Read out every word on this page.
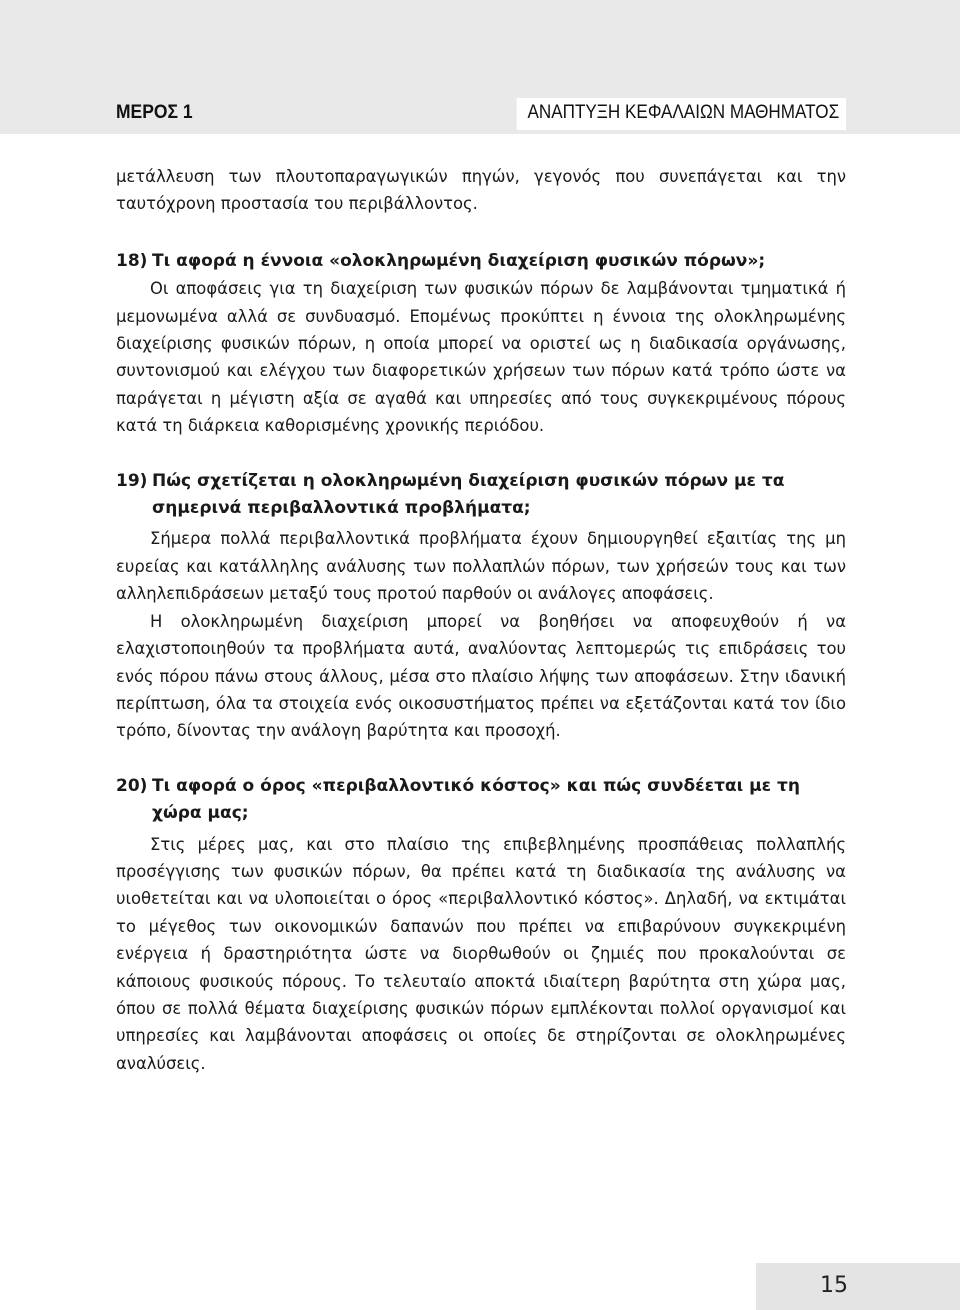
ΜΕΡΟΣ 1	ΑΝΑΠΤΥΞΗ ΚΕΦΑΛΑΙΩΝ ΜΑΘΗΜΑΤΟΣ

μετάλλευση των πλουτοπαραγωγικών πηγών, γεγονός που συνεπάγεται και την ταυτόχρονη προστασία του περιβάλλοντος.

18) Τι αφορά η έννοια «ολοκληρωμένη διαχείριση φυσικών πόρων»;

Οι αποφάσεις για τη διαχείριση των φυσικών πόρων δε λαμβάνονται τμηματικά ή μεμονωμένα αλλά σε συνδυασμό. Επομένως προκύπτει η έννοια της ολοκληρωμένης διαχείρισης φυσικών πόρων, η οποία μπορεί να οριστεί ως η διαδικασία οργάνωσης, συντονισμού και ελέγχου των διαφορετικών χρήσεων των πόρων κατά τρόπο ώστε να παράγεται η μέγιστη αξία σε αγαθά και υπηρεσίες από τους συγκεκριμένους πόρους κατά τη διάρκεια καθορισμένης χρονικής περιόδου.

19) Πώς σχετίζεται η ολοκληρωμένη διαχείριση φυσικών πόρων με τα σημερινά περιβαλλοντικά προβλήματα;

Σήμερα πολλά περιβαλλοντικά προβλήματα έχουν δημιουργηθεί εξαιτίας της μη ευρείας και κατάλληλης ανάλυσης των πολλαπλών πόρων, των χρήσεών τους και των αλληλεπιδράσεων μεταξύ τους προτού παρθούν οι ανάλογες αποφάσεις.

Η ολοκληρωμένη διαχείριση μπορεί να βοηθήσει να αποφευχθούν ή να ελαχιστοποιηθούν τα προβλήματα αυτά, αναλύοντας λεπτομερώς τις επιδράσεις του ενός πόρου πάνω στους άλλους, μέσα στο πλαίσιο λήψης των αποφάσεων. Στην ιδανική περίπτωση, όλα τα στοιχεία ενός οικοσυστήματος πρέπει να εξετάζονται κατά τον ίδιο τρόπο, δίνοντας την ανάλογη βαρύτητα και προσοχή.

20) Τι αφορά ο όρος «περιβαλλοντικό κόστος» και πώς συνδέεται με τη χώρα μας;

Στις μέρες μας, και στο πλαίσιο της επιβεβλημένης προσπάθειας πολλαπλής προσέγγισης των φυσικών πόρων, θα πρέπει κατά τη διαδικασία της ανάλυσης να υιοθετείται και να υλοποιείται ο όρος «περιβαλλοντικό κόστος». Δηλαδή, να εκτιμάται το μέγεθος των οικονομικών δαπανών που πρέπει να επιβαρύνουν συγκεκριμένη ενέργεια ή δραστηριότητα ώστε να διορθωθούν οι ζημιές που προκαλούνται σε κάποιους φυσικούς πόρους. Το τελευταίο αποκτά ιδιαίτερη βαρύτητα στη χώρα μας, όπου σε πολλά θέματα διαχείρισης φυσικών πόρων εμπλέκονται πολλοί οργανισμοί και υπηρεσίες και λαμβάνονται αποφάσεις οι οποίες δε στηρίζονται σε ολοκληρωμένες αναλύσεις.

15
